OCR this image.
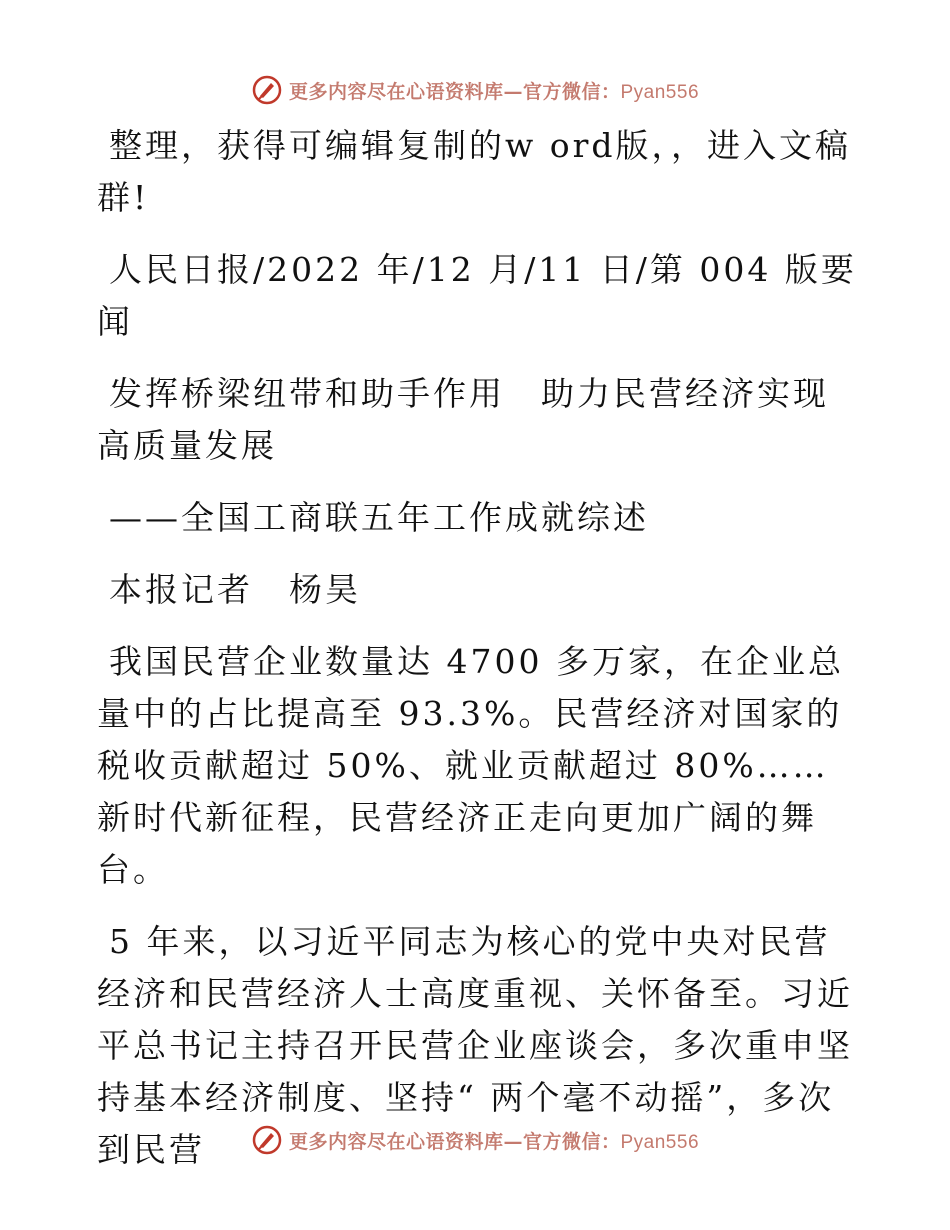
更多内容尽在心语资料库—官方微信：Pyan556

整理，获得可编辑复制的w ord版，，进入文稿群!

人民日报/2022 年/12 月/11 日/第 004 版要闻

发挥桥梁纽带和助手作用　助力民营经济实现高质量发展

——全国工商联五年工作成就综述

本报记者　杨昊

我国民营企业数量达 4700 多万家，在企业总量中的占比提高至 93.3%。民营经济对国家的税收贡献超过 50%、就业贡献超过 80%……新时代新征程，民营经济正走向更加广阔的舞台。

5 年来，以习近平同志为核心的党中央对民营经济和民营经济人士高度重视、关怀备至。习近平总书记主持召开民营企业座谈会，多次重申坚持基本经济制度、坚持“ 两个毫不动摇”，多次到民营	更多内容尽在心语资料库—官方微信：Pyan556
